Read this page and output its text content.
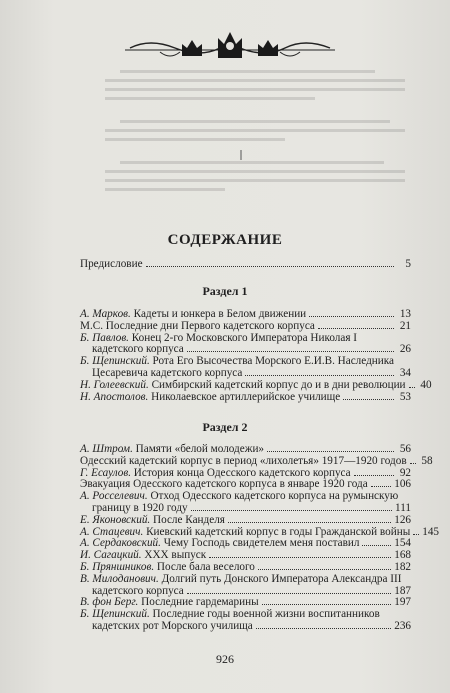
СОДЕРЖАНИЕ
Предисловие	5
Раздел 1
А. Марков. Кадеты и юнкера в Белом движении	13
М.С. Последние дни Первого кадетского корпуса	21
Б. Павлов. Конец 2-го Московского Императора Николая I
кадетского корпуса	26
Б. Щепинский. Рота Его Высочества Морского Е.И.В. Наследника
Цесаревича кадетского корпуса	34
Н. Голеевский. Симбирский кадетский корпус до и в дни революции 40
Н. Апостолов. Николаевское артиллерийское училище	53
Раздел 2
А. Штром. Памяти «белой молодежи»	56
Одесский кадетский корпус в период «лихолетья» 1917—1920 годов 58
Г. Есаулов. История конца Одесского кадетского корпуса	92
Эвакуация Одесского кадетского корпуса в январе 1920 года 106
А. Росселевич. Отход Одесского кадетского корпуса на румынскую
границу в 1920 году	111
Е. Яконовский. После Канделя	126
А. Стацевич. Киевский кадетский корпус в годы Гражданской войны 145
А. Сердаковский. Чему Господь свидетелем меня поставил	154
И. Сагацкий. XXX выпуск	168
Б. Пряншников. После бала веселого	182
В. Милоданович. Долгий путь Донского Императора Александра III
кадетского корпуса	187
В. фон Берг. Последние гардемарины	197
Б. Щепинский. Последние годы военной жизни воспитанников
кадетских рот Морского училища	236
926
